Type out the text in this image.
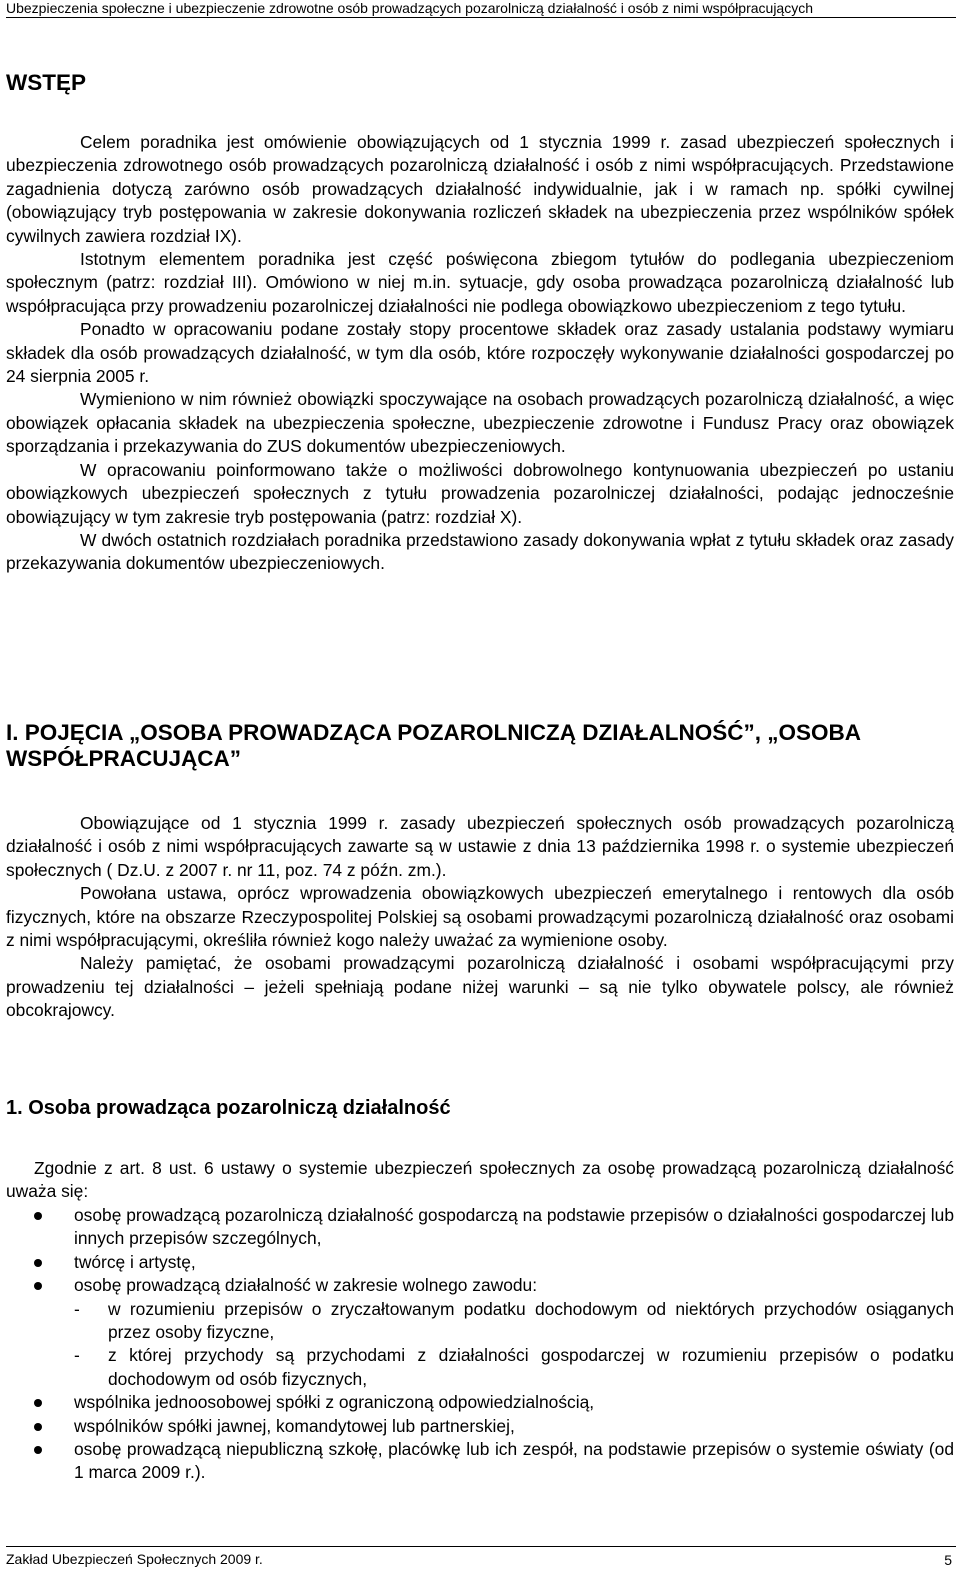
Ubezpieczenia społeczne i ubezpieczenie zdrowotne osób prowadzących pozarolniczą działalność i osób z nimi współpracujących
WSTĘP

Celem poradnika jest omówienie obowiązujących od 1 stycznia 1999 r. zasad ubezpieczeń społecznych i ubezpieczenia zdrowotnego osób prowadzących pozarolniczą działalność i osób z nimi współpracujących. Przedstawione zagadnienia dotyczą zarówno osób prowadzących działalność indywidualnie, jak i w ramach np. spółki cywilnej (obowiązujący tryb postępowania w zakresie dokonywania rozliczeń składek na ubezpieczenia przez wspólników spółek cywilnych zawiera rozdział IX).

Istotnym elementem poradnika jest część poświęcona zbiegom tytułów do podlegania ubezpieczeniom społecznym (patrz: rozdział III). Omówiono w niej m.in. sytuacje, gdy osoba prowadząca pozarolniczą działalność lub współpracująca przy prowadzeniu pozarolniczej działalności nie podlega obowiązkowo ubezpieczeniom z tego tytułu.

Ponadto w opracowaniu podane zostały stopy procentowe składek oraz zasady ustalania podstawy wymiaru składek dla osób prowadzących działalność, w tym dla osób, które rozpoczęły wykonywanie działalności gospodarczej po 24 sierpnia 2005 r.

Wymieniono w nim również obowiązki spoczywające na osobach prowadzących pozarolniczą działalność, a więc obowiązek opłacania składek na ubezpieczenia społeczne, ubezpieczenie zdrowotne i Fundusz Pracy oraz obowiązek sporządzania i przekazywania do ZUS dokumentów ubezpieczeniowych.

W opracowaniu poinformowano także o możliwości dobrowolnego kontynuowania ubezpieczeń po ustaniu obowiązkowych ubezpieczeń społecznych z tytułu prowadzenia pozarolniczej działalności, podając jednocześnie obowiązujący w tym zakresie tryb postępowania (patrz: rozdział X).

W dwóch ostatnich rozdziałach poradnika przedstawiono zasady dokonywania wpłat z tytułu składek oraz zasady przekazywania dokumentów ubezpieczeniowych.

I. POJĘCIA „OSOBA PROWADZĄCA POZAROLNICZĄ DZIAŁALNOŚĆ”, „OSOBA WSPÓŁPRACUJĄCA”

Obowiązujące od 1 stycznia 1999 r. zasady ubezpieczeń społecznych osób prowadzących pozarolniczą działalność i osób z nimi współpracujących zawarte są w ustawie z dnia 13 października 1998 r. o systemie ubezpieczeń społecznych ( Dz.U. z 2007 r. nr 11, poz. 74 z późn. zm.).

Powołana ustawa, oprócz wprowadzenia obowiązkowych ubezpieczeń emerytalnego i rentowych dla osób fizycznych, które na obszarze Rzeczypospolitej Polskiej są osobami prowadzącymi pozarolniczą działalność oraz osobami z nimi współpracującymi, określiła również kogo należy uważać za wymienione osoby.

Należy pamiętać, że osobami prowadzącymi pozarolniczą działalność i osobami współpracującymi przy prowadzeniu tej działalności – jeżeli spełniają podane niżej warunki – są nie tylko obywatele polscy, ale również obcokrajowcy.

1. Osoba prowadząca pozarolniczą działalność

Zgodnie z art. 8 ust. 6 ustawy o systemie ubezpieczeń społecznych za osobę prowadzącą pozarolniczą działalność uważa się:

osobę prowadzącą pozarolniczą działalność gospodarczą na podstawie przepisów o działalności gospodarczej lub innych przepisów szczególnych,
twórcę i artystę,
osobę prowadzącą działalność w zakresie wolnego zawodu:
- w rozumieniu przepisów o zryczałtowanym podatku dochodowym od niektórych przychodów osiąganych przez osoby fizyczne,
- z której przychody są przychodami z działalności gospodarczej w rozumieniu przepisów o podatku dochodowym od osób fizycznych,
wspólnika jednoosobowej spółki z ograniczoną odpowiedzialnością,
wspólników spółki jawnej, komandytowej lub partnerskiej,
osobę prowadzącą niepubliczną szkołę, placówkę lub ich zespół, na podstawie przepisów o systemie oświaty (od 1 marca 2009 r.).
Zakład Ubezpieczeń Społecznych 2009 r.	5
